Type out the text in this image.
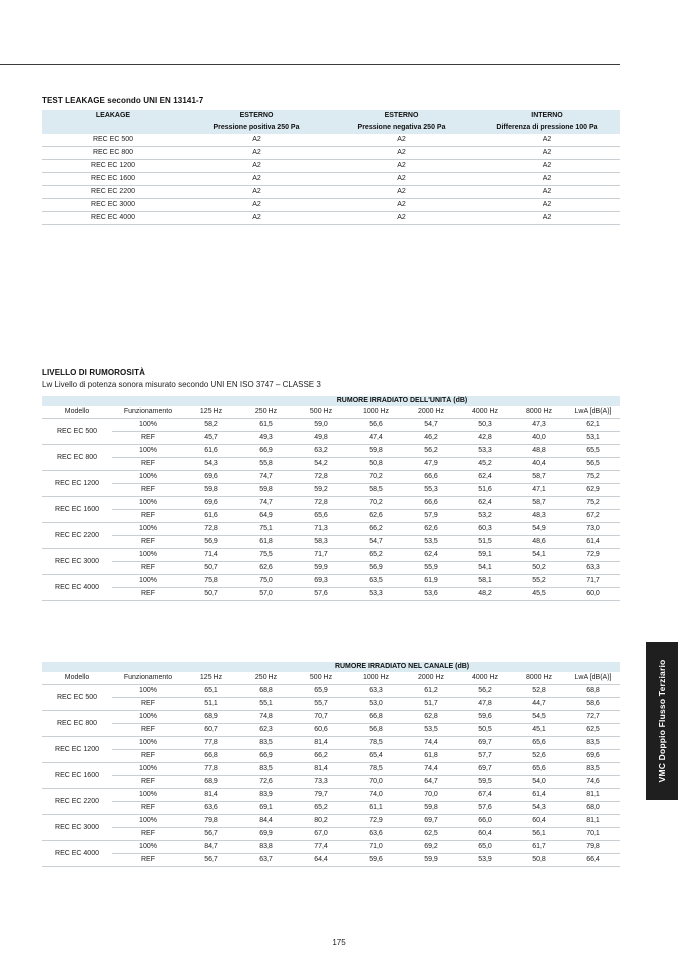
TEST LEAKAGE secondo UNI EN 13141-7
LEAKAGE	ESTERNO	ESTERNO	INTERNO
	Pressione positiva 250 Pa	Pressione negativa 250 Pa	Differenza di pressione 100 Pa
REC EC 500	A2	A2	A2
REC EC 800	A2	A2	A2
REC EC 1200	A2	A2	A2
REC EC 1600	A2	A2	A2
REC EC 2200	A2	A2	A2
REC EC 3000	A2	A2	A2
REC EC 4000	A2	A2	A2
LIVELLO DI RUMOROSITÀ
Lw Livello di potenza sonora misurato secondo UNI EN ISO 3747 – CLASSE 3
		RUMORE IRRADIATO DELL'UNITÀ (dB)							
Modello	Funzionamento	125 Hz	250 Hz	500 Hz	1000 Hz	2000 Hz	4000 Hz	8000 Hz	LwA [dB(A)]
REC EC 500	100%	58,2	61,5	59,0	56,6	54,7	50,3	47,3	62,1
	REF	45,7	49,3	49,8	47,4	46,2	42,8	40,0	53,1
REC EC 800	100%	61,6	66,9	63,2	59,8	56,2	53,3	48,8	65,5
	REF	54,3	55,8	54,2	50,8	47,9	45,2	40,4	56,5
REC EC 1200	100%	69,6	74,7	72,8	70,2	66,6	62,4	58,7	75,2
	REF	59,8	59,8	59,2	58,5	55,3	51,6	47,1	62,9
REC EC 1600	100%	69,6	74,7	72,8	70,2	66,6	62,4	58,7	75,2
	REF	61,6	64,9	65,6	62,6	57,9	53,2	48,3	67,2
REC EC 2200	100%	72,8	75,1	71,3	66,2	62,6	60,3	54,9	73,0
	REF	56,9	61,8	58,3	54,7	53,5	51,5	48,6	61,4
REC EC 3000	100%	71,4	75,5	71,7	65,2	62,4	59,1	54,1	72,9
	REF	50,7	62,6	59,9	56,9	55,9	54,1	50,2	63,3
REC EC 4000	100%	75,8	75,0	69,3	63,5	61,9	58,1	55,2	71,7
	REF	50,7	57,0	57,6	53,3	53,6	48,2	45,5	60,0
		RUMORE IRRADIATO NEL CANALE (dB)							
Modello	Funzionamento	125 Hz	250 Hz	500 Hz	1000 Hz	2000 Hz	4000 Hz	8000 Hz	LwA [dB(A)]
REC EC 500	100%	65,1	68,8	65,9	63,3	61,2	56,2	52,8	68,8
	REF	51,1	55,1	55,7	53,0	51,7	47,8	44,7	58,6
REC EC 800	100%	68,9	74,8	70,7	66,8	62,8	59,6	54,5	72,7
	REF	60,7	62,3	60,6	56,8	53,5	50,5	45,1	62,5
REC EC 1200	100%	77,8	83,5	81,4	78,5	74,4	69,7	65,6	83,5
	REF	66,8	66,9	66,2	65,4	61,8	57,7	52,6	69,6
REC EC 1600	100%	77,8	83,5	81,4	78,5	74,4	69,7	65,6	83,5
	REF	68,9	72,6	73,3	70,0	64,7	59,5	54,0	74,6
REC EC 2200	100%	81,4	83,9	79,7	74,0	70,0	67,4	61,4	81,1
	REF	63,6	69,1	65,2	61,1	59,8	57,6	54,3	68,0
REC EC 3000	100%	79,8	84,4	80,2	72,9	69,7	66,0	60,4	81,1
	REF	56,7	69,9	67,0	63,6	62,5	60,4	56,1	70,1
REC EC 4000	100%	84,7	83,8	77,4	71,0	69,2	65,0	61,7	79,8
	REF	56,7	63,7	64,4	59,6	59,9	53,9	50,8	66,4
VMC Doppio Flusso Terziario
175
